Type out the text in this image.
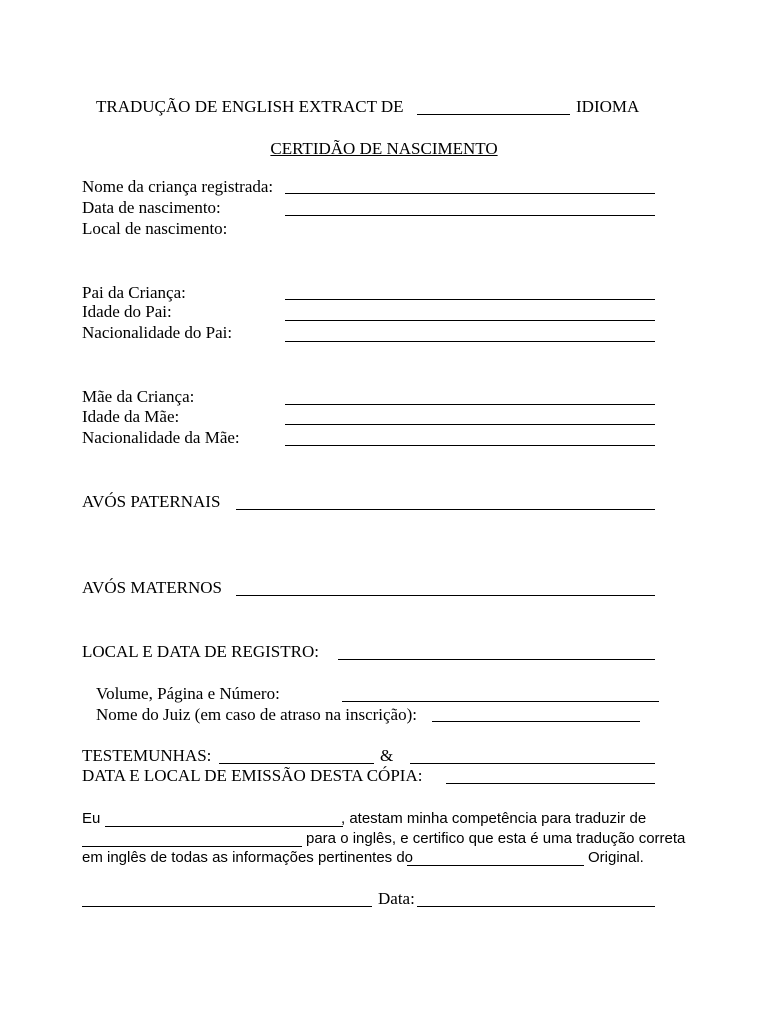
TRADUÇÃO DE ENGLISH EXTRACT DE	IDIOMA
CERTIDÃO DE NASCIMENTO
Nome da criança registrada:
Data de nascimento:
Local de nascimento:
Pai da Criança:
Idade do Pai:
Nacionalidade do Pai:
Mãe da Criança:
Idade da Mãe:
Nacionalidade da Mãe:
AVÓS PATERNAIS
AVÓS MATERNOS
LOCAL E DATA DE REGISTRO:
Volume, Página e Número:
Nome do Juiz (em caso de atraso na inscrição):
TESTEMUNHAS:	&
DATA E LOCAL DE EMISSÃO DESTA CÓPIA:
Eu	, atestam minha competência para traduzir de
para o inglês, e certifico que esta é uma tradução correta
em inglês de todas as informações pertinentes do	Original.
Data:
